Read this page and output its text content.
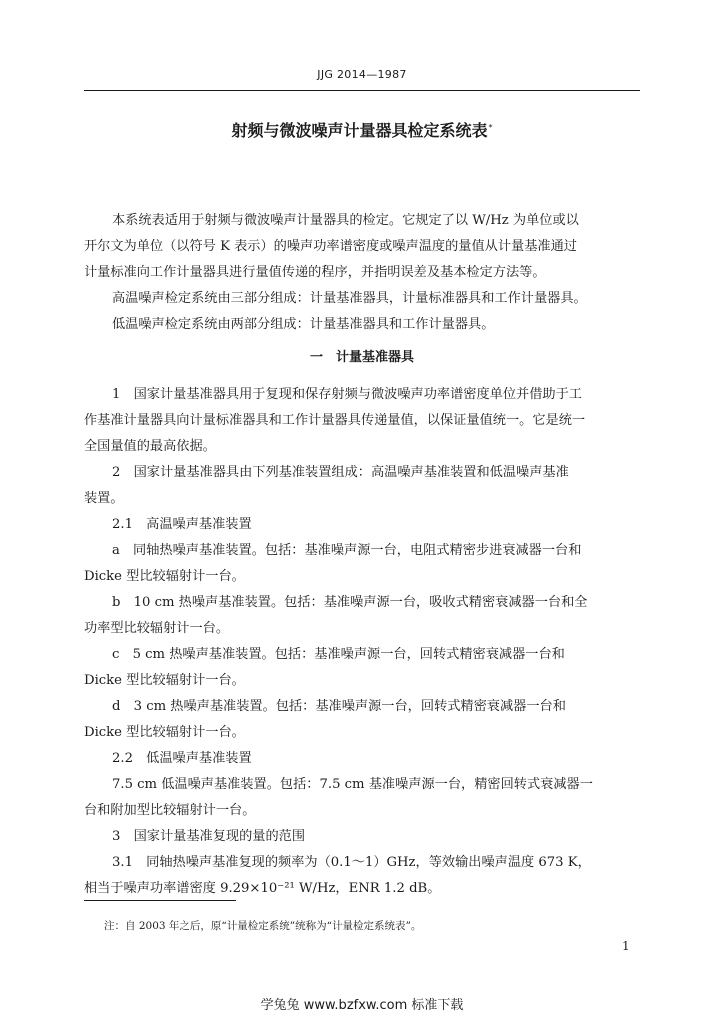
JJG 2014—1987
射频与微波噪声计量器具检定系统表*
本系统表适用于射频与微波噪声计量器具的检定。它规定了以 W/Hz 为单位或以
开尔文为单位（以符号 K 表示）的噪声功率谱密度或噪声温度的量值从计量基准通过
计量标准向工作计量器具进行量值传递的程序，并指明误差及基本检定方法等。
高温噪声检定系统由三部分组成：计量基准器具，计量标准器具和工作计量器具。
低温噪声检定系统由两部分组成：计量基准器具和工作计量器具。
一　计量基准器具
1　国家计量基准器具用于复现和保存射频与微波噪声功率谱密度单位并借助于工
作基准计量器具向计量标准器具和工作计量器具传递量值，以保证量值统一。它是统一
全国量值的最高依据。
2　国家计量基准器具由下列基准装置组成：高温噪声基准装置和低温噪声基准
装置。
2.1　高温噪声基准装置
a　同轴热噪声基准装置。包括：基准噪声源一台，电阻式精密步进衰减器一台和
Dicke 型比较辐射计一台。
b　10 cm 热噪声基准装置。包括：基准噪声源一台，吸收式精密衰减器一台和全
功率型比较辐射计一台。
c　5 cm 热噪声基准装置。包括：基准噪声源一台，回转式精密衰减器一台和
Dicke 型比较辐射计一台。
d　3 cm 热噪声基准装置。包括：基准噪声源一台，回转式精密衰减器一台和
Dicke 型比较辐射计一台。
2.2　低温噪声基准装置
7.5 cm 低温噪声基准装置。包括：7.5 cm 基准噪声源一台，精密回转式衰减器一
台和附加型比较辐射计一台。
3　国家计量基准复现的量的范围
3.1　同轴热噪声基准复现的频率为（0.1～1）GHz，等效输出噪声温度 673 K，
相当于噪声功率谱密度 9.29×10⁻²¹ W/Hz，ENR 1.2 dB。
注：自 2003 年之后，原“计量检定系统”统称为“计量检定系统表”。
1
学兔兔 www.bzfxw.com 标准下载
